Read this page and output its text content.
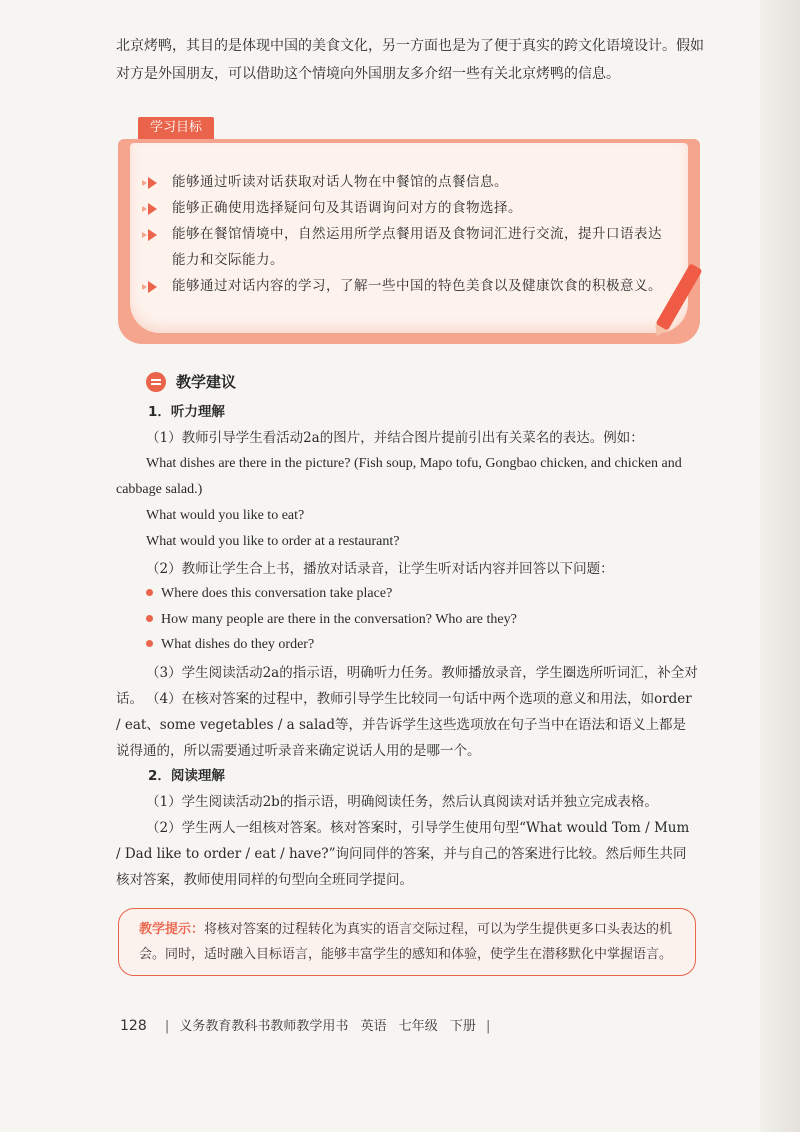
北京烤鸭，其目的是体现中国的美食文化，另一方面也是为了便于真实的跨文化语境设计。假如对方是外国朋友，可以借助这个情境向外国朋友多介绍一些有关北京烤鸭的信息。
学习目标
能够通过听读对话获取对话人物在中餐馆的点餐信息。
能够正确使用选择疑问句及其语调询问对方的食物选择。
能够在餐馆情境中，自然运用所学点餐用语及食物词汇进行交流，提升口语表达能力和交际能力。
能够通过对话内容的学习，了解一些中国的特色美食以及健康饮食的积极意义。
教学建议
1．听力理解
（1）教师引导学生看活动2a的图片，并结合图片提前引出有关菜名的表达。例如：
What dishes are there in the picture? (Fish soup, Mapo tofu, Gongbao chicken, and chicken and cabbage salad.)
What would you like to eat?
What would you like to order at a restaurant?
（2）教师让学生合上书，播放对话录音，让学生听对话内容并回答以下问题：
Where does this conversation take place?
How many people are there in the conversation? Who are they?
What dishes do they order?
（3）学生阅读活动2a的指示语，明确听力任务。教师播放录音，学生圈选所听词汇，补全对话。 （4）在核对答案的过程中，教师引导学生比较同一句话中两个选项的意义和用法，如order / eat、some vegetables / a salad等，并告诉学生这些选项放在句子当中在语法和语义上都是说得通的，所以需要通过听录音来确定说话人用的是哪一个。
2．阅读理解
（1）学生阅读活动2b的指示语，明确阅读任务，然后认真阅读对话并独立完成表格。
（2）学生两人一组核对答案。核对答案时，引导学生使用句型“What would Tom / Mum / Dad like to order / eat / have?”询问同伴的答案，并与自己的答案进行比较。然后师生共同核对答案，教师使用同样的句型向全班同学提问。
教学提示：将核对答案的过程转化为真实的语言交际过程，可以为学生提供更多口头表达的机会。同时，适时融入目标语言，能够丰富学生的感知和体验，使学生在潜移默化中掌握语言。
128 | 义务教育教科书教师教学用书 英语 七年级 下册 |
